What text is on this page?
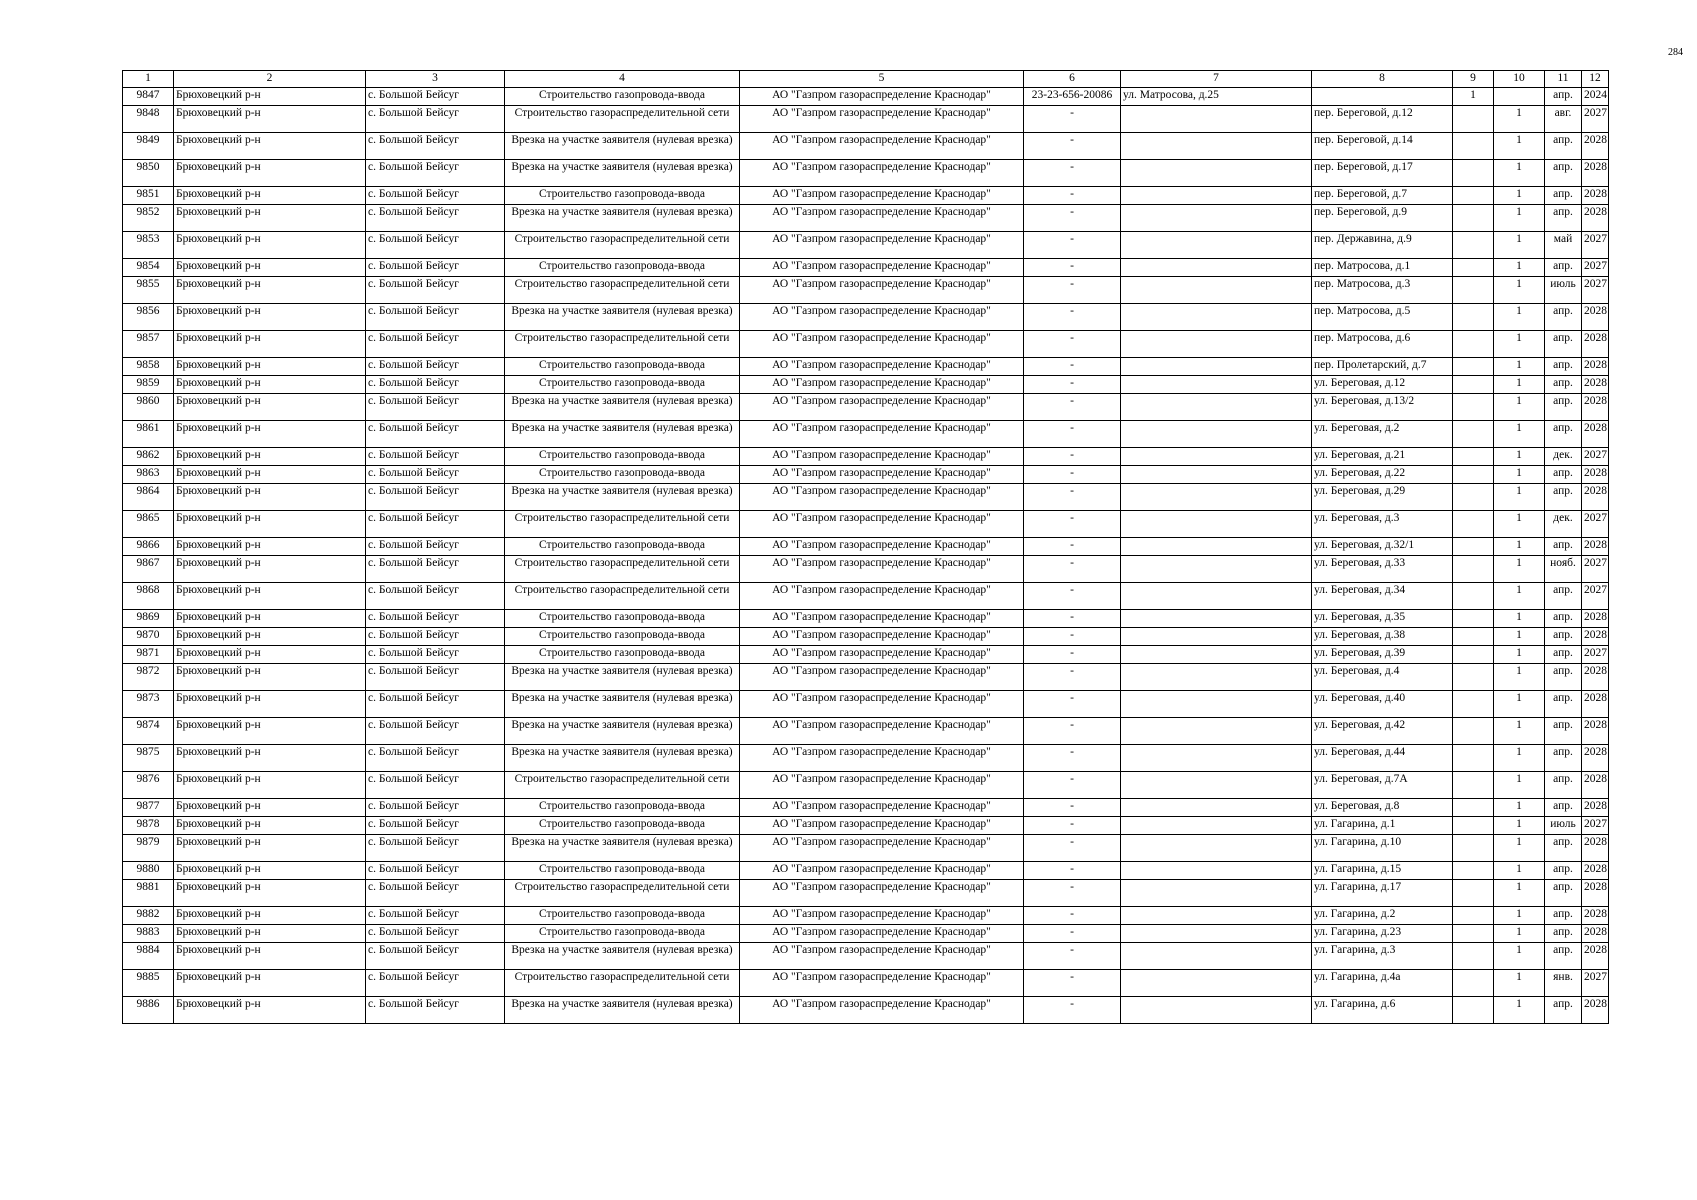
284
1	2	3	4	5	6	7	8	9	10	11	12
9847	Брюховецкий р-н	с. Большой Бейсуг	Строительство газопровода-ввода	АО "Газпром газораспределение Краснодар"	23-23-656-20086	ул. Матросова, д.25		1		апр.	2024
9848	Брюховецкий р-н	с. Большой Бейсуг	Строительство газораспределительной сети	АО "Газпром газораспределение Краснодар"	-		пер. Береговой, д.12		1	авг.	2027
9849	Брюховецкий р-н	с. Большой Бейсуг	Врезка на участке заявителя (нулевая врезка)	АО "Газпром газораспределение Краснодар"	-		пер. Береговой, д.14		1	апр.	2028
9850	Брюховецкий р-н	с. Большой Бейсуг	Врезка на участке заявителя (нулевая врезка)	АО "Газпром газораспределение Краснодар"	-		пер. Береговой, д.17		1	апр.	2028
9851	Брюховецкий р-н	с. Большой Бейсуг	Строительство газопровода-ввода	АО "Газпром газораспределение Краснодар"	-		пер. Береговой, д.7		1	апр.	2028
9852	Брюховецкий р-н	с. Большой Бейсуг	Врезка на участке заявителя (нулевая врезка)	АО "Газпром газораспределение Краснодар"	-		пер. Береговой, д.9		1	апр.	2028
9853	Брюховецкий р-н	с. Большой Бейсуг	Строительство газораспределительной сети	АО "Газпром газораспределение Краснодар"	-		пер. Державина, д.9		1	май	2027
9854	Брюховецкий р-н	с. Большой Бейсуг	Строительство газопровода-ввода	АО "Газпром газораспределение Краснодар"	-		пер. Матросова, д.1		1	апр.	2027
9855	Брюховецкий р-н	с. Большой Бейсуг	Строительство газораспределительной сети	АО "Газпром газораспределение Краснодар"	-		пер. Матросова, д.3		1	июль	2027
9856	Брюховецкий р-н	с. Большой Бейсуг	Врезка на участке заявителя (нулевая врезка)	АО "Газпром газораспределение Краснодар"	-		пер. Матросова, д.5		1	апр.	2028
9857	Брюховецкий р-н	с. Большой Бейсуг	Строительство газораспределительной сети	АО "Газпром газораспределение Краснодар"	-		пер. Матросова, д.6		1	апр.	2028
9858	Брюховецкий р-н	с. Большой Бейсуг	Строительство газопровода-ввода	АО "Газпром газораспределение Краснодар"	-		пер. Пролетарский, д.7		1	апр.	2028
9859	Брюховецкий р-н	с. Большой Бейсуг	Строительство газопровода-ввода	АО "Газпром газораспределение Краснодар"	-		ул. Береговая, д.12		1	апр.	2028
9860	Брюховецкий р-н	с. Большой Бейсуг	Врезка на участке заявителя (нулевая врезка)	АО "Газпром газораспределение Краснодар"	-		ул. Береговая, д.13/2		1	апр.	2028
9861	Брюховецкий р-н	с. Большой Бейсуг	Врезка на участке заявителя (нулевая врезка)	АО "Газпром газораспределение Краснодар"	-		ул. Береговая, д.2		1	апр.	2028
9862	Брюховецкий р-н	с. Большой Бейсуг	Строительство газопровода-ввода	АО "Газпром газораспределение Краснодар"	-		ул. Береговая, д.21		1	дек.	2027
9863	Брюховецкий р-н	с. Большой Бейсуг	Строительство газопровода-ввода	АО "Газпром газораспределение Краснодар"	-		ул. Береговая, д.22		1	апр.	2028
9864	Брюховецкий р-н	с. Большой Бейсуг	Врезка на участке заявителя (нулевая врезка)	АО "Газпром газораспределение Краснодар"	-		ул. Береговая, д.29		1	апр.	2028
9865	Брюховецкий р-н	с. Большой Бейсуг	Строительство газораспределительной сети	АО "Газпром газораспределение Краснодар"	-		ул. Береговая, д.3		1	дек.	2027
9866	Брюховецкий р-н	с. Большой Бейсуг	Строительство газопровода-ввода	АО "Газпром газораспределение Краснодар"	-		ул. Береговая, д.32/1		1	апр.	2028
9867	Брюховецкий р-н	с. Большой Бейсуг	Строительство газораспределительной сети	АО "Газпром газораспределение Краснодар"	-		ул. Береговая, д.33		1	нояб.	2027
9868	Брюховецкий р-н	с. Большой Бейсуг	Строительство газораспределительной сети	АО "Газпром газораспределение Краснодар"	-		ул. Береговая, д.34		1	апр.	2027
9869	Брюховецкий р-н	с. Большой Бейсуг	Строительство газопровода-ввода	АО "Газпром газораспределение Краснодар"	-		ул. Береговая, д.35		1	апр.	2028
9870	Брюховецкий р-н	с. Большой Бейсуг	Строительство газопровода-ввода	АО "Газпром газораспределение Краснодар"	-		ул. Береговая, д.38		1	апр.	2028
9871	Брюховецкий р-н	с. Большой Бейсуг	Строительство газопровода-ввода	АО "Газпром газораспределение Краснодар"	-		ул. Береговая, д.39		1	апр.	2027
9872	Брюховецкий р-н	с. Большой Бейсуг	Врезка на участке заявителя (нулевая врезка)	АО "Газпром газораспределение Краснодар"	-		ул. Береговая, д.4		1	апр.	2028
9873	Брюховецкий р-н	с. Большой Бейсуг	Врезка на участке заявителя (нулевая врезка)	АО "Газпром газораспределение Краснодар"	-		ул. Береговая, д.40		1	апр.	2028
9874	Брюховецкий р-н	с. Большой Бейсуг	Врезка на участке заявителя (нулевая врезка)	АО "Газпром газораспределение Краснодар"	-		ул. Береговая, д.42		1	апр.	2028
9875	Брюховецкий р-н	с. Большой Бейсуг	Врезка на участке заявителя (нулевая врезка)	АО "Газпром газораспределение Краснодар"	-		ул. Береговая, д.44		1	апр.	2028
9876	Брюховецкий р-н	с. Большой Бейсуг	Строительство газораспределительной сети	АО "Газпром газораспределение Краснодар"	-		ул. Береговая, д.7А		1	апр.	2028
9877	Брюховецкий р-н	с. Большой Бейсуг	Строительство газопровода-ввода	АО "Газпром газораспределение Краснодар"	-		ул. Береговая, д.8		1	апр.	2028
9878	Брюховецкий р-н	с. Большой Бейсуг	Строительство газопровода-ввода	АО "Газпром газораспределение Краснодар"	-		ул. Гагарина, д.1		1	июль	2027
9879	Брюховецкий р-н	с. Большой Бейсуг	Врезка на участке заявителя (нулевая врезка)	АО "Газпром газораспределение Краснодар"	-		ул. Гагарина, д.10		1	апр.	2028
9880	Брюховецкий р-н	с. Большой Бейсуг	Строительство газопровода-ввода	АО "Газпром газораспределение Краснодар"	-		ул. Гагарина, д.15		1	апр.	2028
9881	Брюховецкий р-н	с. Большой Бейсуг	Строительство газораспределительной сети	АО "Газпром газораспределение Краснодар"	-		ул. Гагарина, д.17		1	апр.	2028
9882	Брюховецкий р-н	с. Большой Бейсуг	Строительство газопровода-ввода	АО "Газпром газораспределение Краснодар"	-		ул. Гагарина, д.2		1	апр.	2028
9883	Брюховецкий р-н	с. Большой Бейсуг	Строительство газопровода-ввода	АО "Газпром газораспределение Краснодар"	-		ул. Гагарина, д.23		1	апр.	2028
9884	Брюховецкий р-н	с. Большой Бейсуг	Врезка на участке заявителя (нулевая врезка)	АО "Газпром газораспределение Краснодар"	-		ул. Гагарина, д.3		1	апр.	2028
9885	Брюховецкий р-н	с. Большой Бейсуг	Строительство газораспределительной сети	АО "Газпром газораспределение Краснодар"	-		ул. Гагарина, д.4а		1	янв.	2027
9886	Брюховецкий р-н	с. Большой Бейсуг	Врезка на участке заявителя (нулевая врезка)	АО "Газпром газораспределение Краснодар"	-		ул. Гагарина, д.6		1	апр.	2028
